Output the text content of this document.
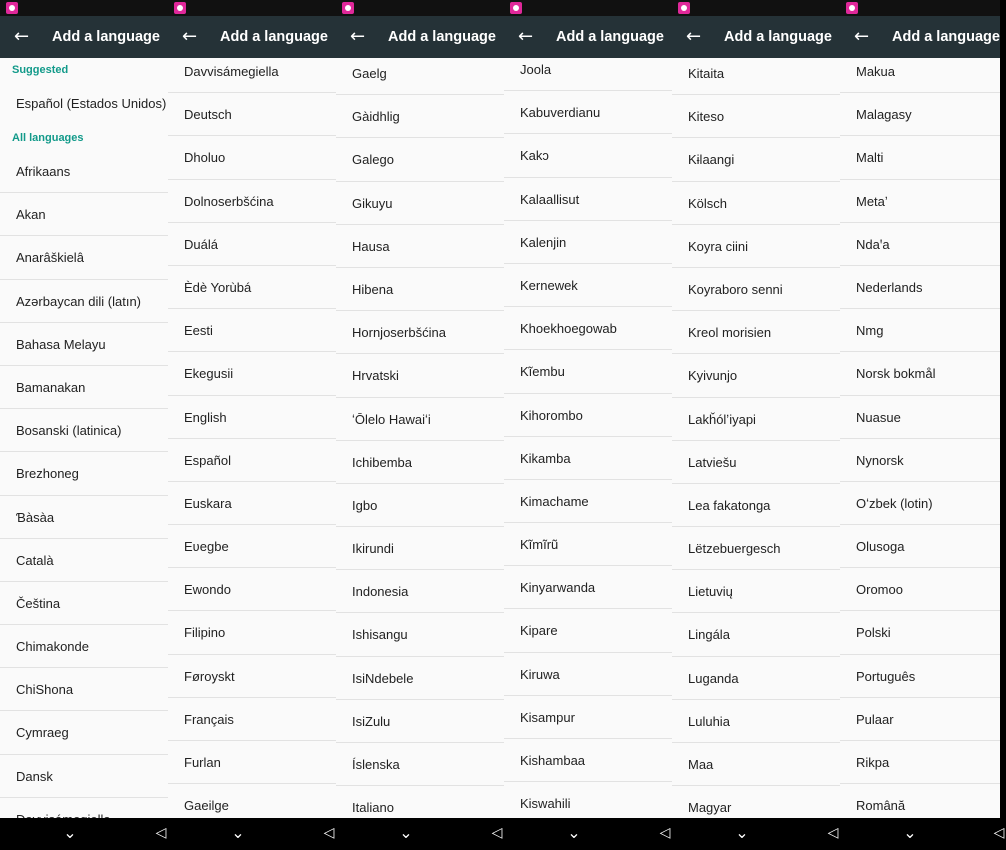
←	Add a language
Suggested
Español (Estados Unidos)
All languages
Afrikaans
Akan
Anarâškielâ
Azərbaycan dili (latın)
Bahasa Melayu
Bamanakan
Bosanski (latinica)
Brezhoneg
Ɓàsàa
Català
Čeština
Chimakonde
ChiShona
Cymraeg
Dansk
⌄	◁
←	Add a language
Davvisámegiella
Deutsch
Dholuo
Dolnoserbšćina
Duálá
Èdè Yorùbá
Eesti
Ekegusii
English
Español
Euskara
Eʋegbe
Ewondo
Filipino
Føroyskt
Français
Furlan
Gaeilge
⌄	◁
←	Add a language
Gaelg
Gàidhlig
Galego
Gikuyu
Hausa
Hibena
Hornjoserbšćina
Hrvatski
ʻŌlelo Hawaiʻi
Ichibemba
Igbo
Ikirundi
Indonesia
Ishisangu
IsiNdebele
IsiZulu
Íslenska
Italiano
⌄	◁
←	Add a language
Joola
Kabuverdianu
Kakɔ
Kalaallisut
Kalenjin
Kernewek
Khoekhoegowab
Kĩembu
Kihorombo
Kikamba
Kimachame
Kĩmĩrũ
Kinyarwanda
Kipare
Kiruwa
Kisampur
Kishambaa
Kiswahili
⌄	◁
←	Add a language
Kitaita
Kiteso
Kɨlaangi
Kölsch
Koyra ciini
Koyraboro senni
Kreol morisien
Kyivunjo
Lakȟólʼiyapi
Latviešu
Lea fakatonga
Lëtzebuergesch
Lietuvių
Lingála
Luganda
Luluhia
Maa
Magyar
⌄	◁
←	Add a language
Makua
Malagasy
Malti
Metaʼ
Ndaꞌa
Nederlands
Nmg
Norsk bokmål
Nuasue
Nynorsk
Oʻzbek (lotin)
Olusoga
Oromoo
Polski
Português
Pulaar
Rikpa
Română
⌄	◁
